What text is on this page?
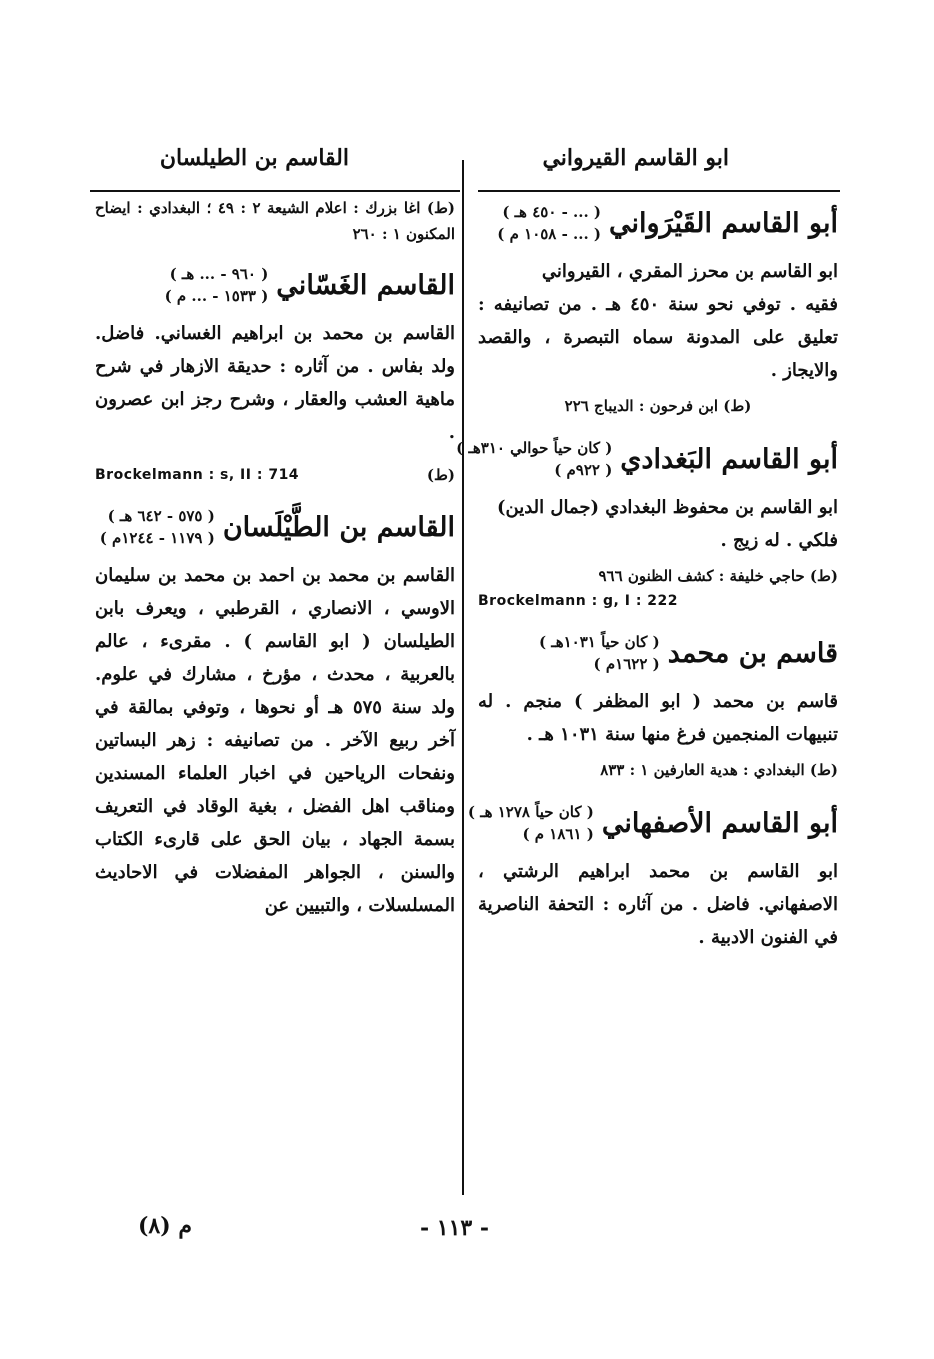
ابو القاسم القيرواني
القاسم بن الطيلسان
أبو القاسم القَيْرَواني
( ... - ٤٥٠ هـ )
( ... - ١٠٥٨ م )

ابو القاسم بن محرز المقري ، القيرواني

فقيه . توفي نحو سنة ٤٥٠ هـ . من تصانيفه : تعليق على المدونة سماه التبصرة ، والقصد والايجاز .

(ط) ابن فرحون : الديباج ٢٢٦

أبو القاسم البَغدادي
( كان حياً حوالي ٣١٠هـ )
( ٩٢٢م )

ابو القاسم بن محفوظ البغدادي (جمال الدين)

فلكي . له زيج .

(ط) حاجي خليفة : كشف الظنون ٩٦٦

Brockelmann : g, I : 222
قاسم بن محمد
( كان حياً ١٠٣١هـ )
( ١٦٢٢م )

قاسم بن محمد ( ابو المظفر ) منجم . له تنبيهات المنجمين فرغ منها سنة ١٠٣١ هـ .

(ط) البغدادي : هدية العارفين ١ : ٨٣٣

أبو القاسم الأصفهاني
( كان حياً ١٢٧٨ هـ )
( ١٨٦١ م )

ابو القاسم بن محمد ابراهيم الرشتي ، الاصفهاني. فاضل . من آثاره : التحفة الناصرية في الفنون الادبية .

(ط) اغا بزرك : اعلام الشيعة ٢ : ٤٩ ؛ البغدادي : ايضاح المكنون ١ : ٢٦٠

القاسم الغَسّاني
( ٩٦٠ - ... هـ )
( ١٥٣٣ - ... م )

القاسم بن محمد بن ابراهيم الغساني. فاضل. ولد بفاس . من آثاره : حديقة الازهار في شرح ماهية العشب والعقار ، وشرح رجز ابن عصرون .

(ط)
Brockelmann : s, II : 714
القاسم بن الطَّيْلَسان
( ٥٧٥ - ٦٤٢ هـ )
( ١١٧٩ - ١٢٤٤م )

القاسم بن محمد بن احمد بن محمد بن سليمان الاوسي ، الانصاري ، القرطبي ، ويعرف بابن الطيلسان ( ابو القاسم ) . مقرىء ، عالم بالعربية ، محدث ، مؤرخ ، مشارك في علوم. ولد سنة ٥٧٥ هـ أو نحوها ، وتوفي بمالقة في آخر ربيع الآخر . من تصانيفه : زهر البساتين ونفحات الرياحين في اخبار العلماء المسندين ومناقب اهل الفضل ، بغية الوقاد في التعريف بسمة الجهاد ، بيان الحق على قارىء الكتاب والسنن ، الجواهر المفضلات في الاحاديث المسلسلات ، والتبيين عن

- ١١٣ -
م (٨)
